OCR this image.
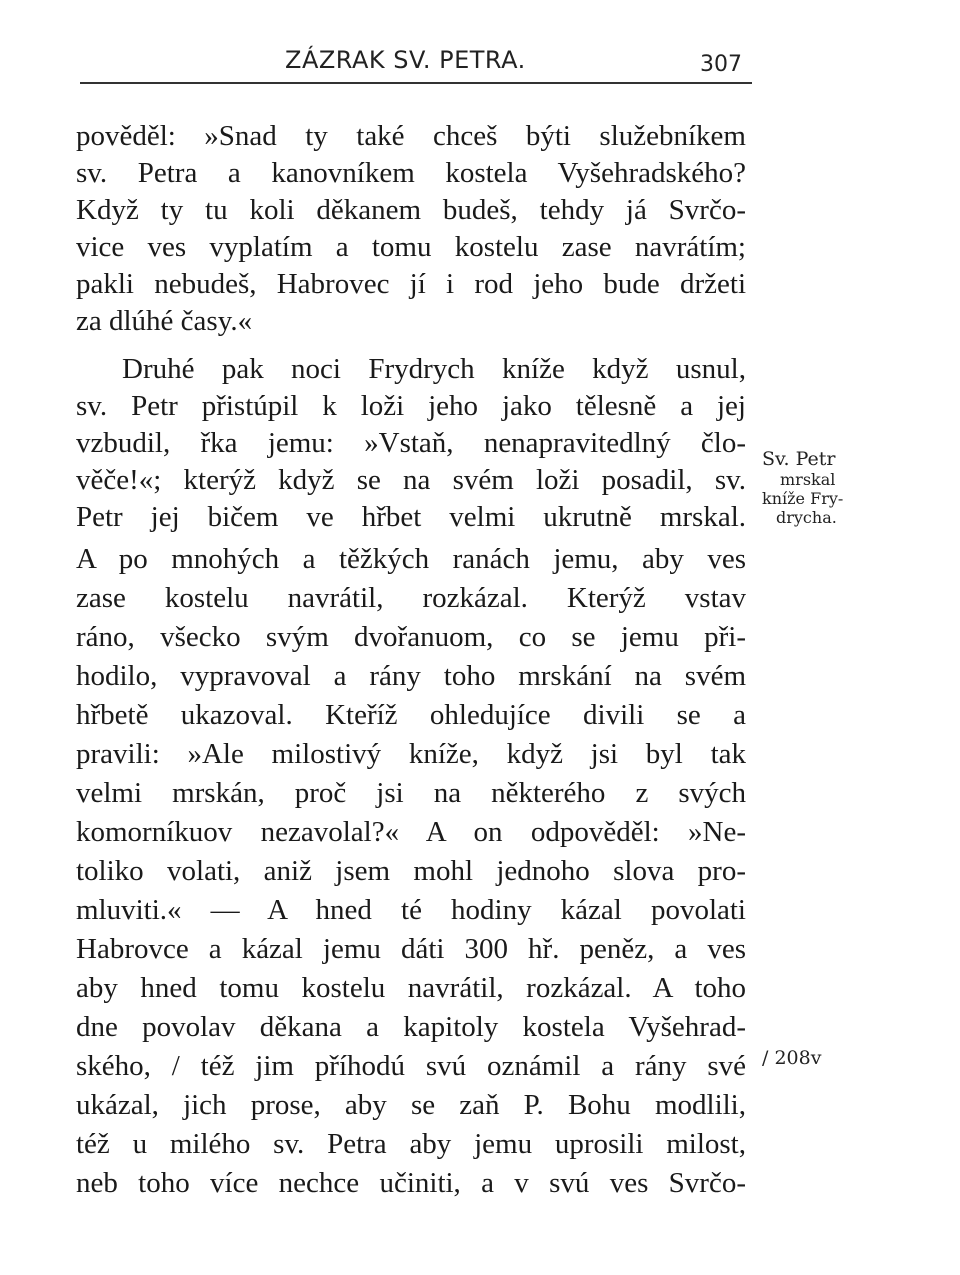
ZÁZRAK SV. PETRA.	307
pověděl: »Snad ty také chceš býti služebníkem
sv. Petra a kanovníkem kostela Vyšehradského?
Když ty tu koli děkanem budeš, tehdy já Svrčo-
vice ves vyplatím a tomu kostelu zase navrátím;
pakli nebudeš, Habrovec jí i rod jeho bude držeti
za dlúhé časy.«
Druhé pak noci Frydrych kníže když usnul,
sv. Petr přistúpil k loži jeho jako tělesně a jej
vzbudil, řka jemu: »Vstaň, nenapravitedlný člo-
věče!«; kterýž když se na svém loži posadil, sv.
Petr jej bičem ve hřbet velmi ukrutně mrskal.
A po mnohých a těžkých ranách jemu, aby ves
zase kostelu navrátil, rozkázal. Kterýž vstav
ráno, všecko svým dvořanuom, co se jemu při-
hodilo, vypravoval a rány toho mrskání na svém
hřbetě ukazoval. Kteříž ohledujíce divili se a
pravili: »Ale milostivý kníže, když jsi byl tak
velmi mrskán, proč jsi na některého z svých
komorníkuov nezavolal?« A on odpověděl: »Ne-
toliko volati, aniž jsem mohl jednoho slova pro-
mluviti.« — A hned té hodiny kázal povolati
Habrovce a kázal jemu dáti 300 hř. peněz, a ves
aby hned tomu kostelu navrátil, rozkázal. A toho
dne povolav děkana a kapitoly kostela Vyšehrad-
ského, / též jim příhodú svú oznámil a rány své
ukázal, jich prose, aby se zaň P. Bohu modlili,
též u milého sv. Petra aby jemu uprosili milost,
neb toho více nechce učiniti, a v svú ves Svrčo-
Sv. Petr
mrskal
kníže Fry-
drycha.
/ 208v
